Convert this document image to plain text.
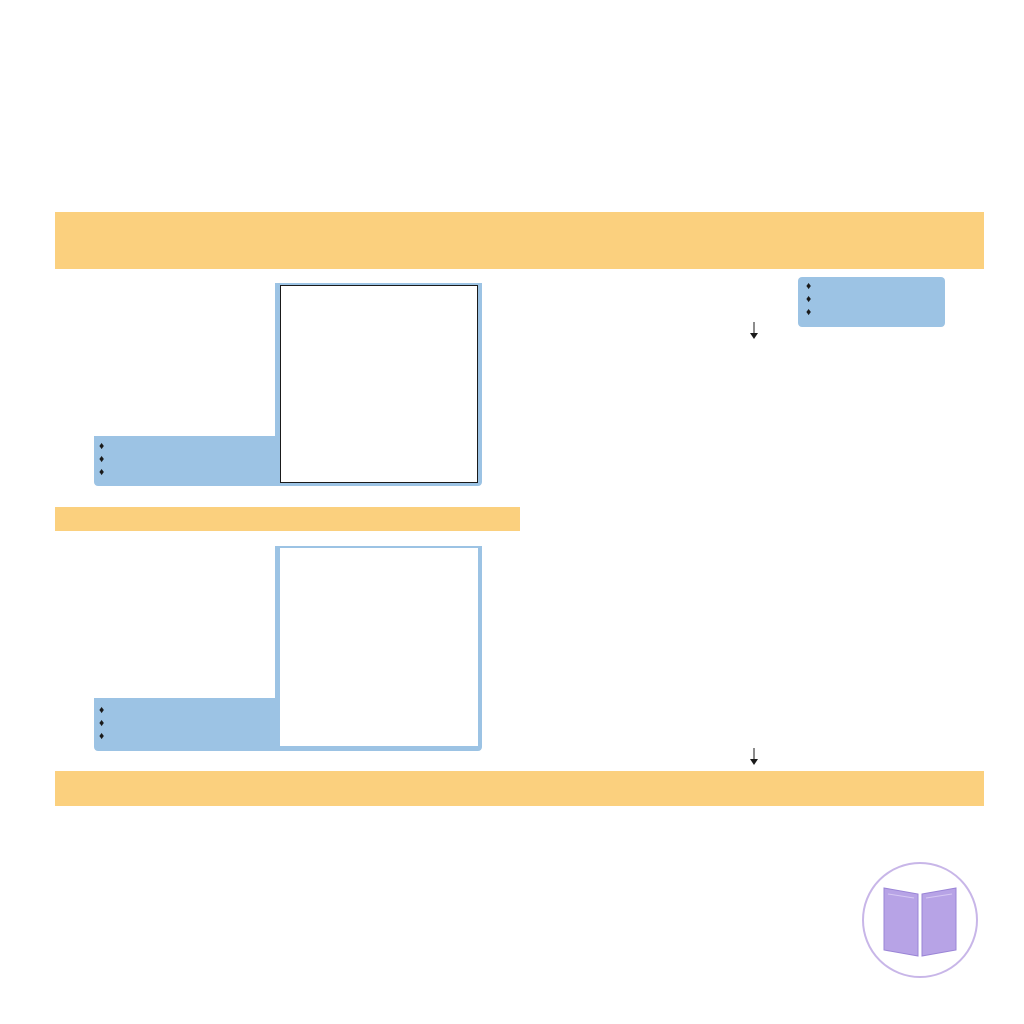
♦
♦
♦
♦
♦
♦
♦
♦
♦
